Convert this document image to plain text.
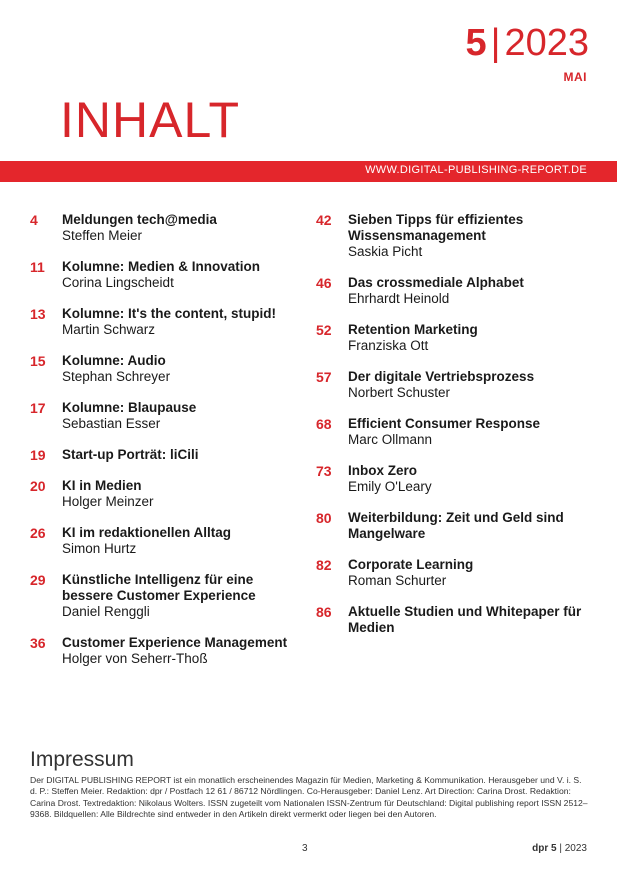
5 | 2023
MAI
INHALT
WWW.DIGITAL-PUBLISHING-REPORT.DE
4	Meldungen tech@media
Steffen Meier
11	Kolumne: Medien & Innovation
Corina Lingscheidt
13	Kolumne: It's the content, stupid!
Martin Schwarz
15	Kolumne: Audio
Stephan Schreyer
17	Kolumne: Blaupause
Sebastian Esser
19	Start-up Porträt: liCili
20	KI in Medien
Holger Meinzer
26	KI im redaktionellen Alltag
Simon Hurtz
29	Künstliche Intelligenz für eine bessere Customer Experience
Daniel Renggli
36	Customer Experience Management
Holger von Seherr-Thoß
42	Sieben Tipps für effizientes Wissensmanagement
Saskia Picht
46	Das crossmediale Alphabet
Ehrhardt Heinold
52	Retention Marketing
Franziska Ott
57	Der digitale Vertriebsprozess
Norbert Schuster
68	Efficient Consumer Response
Marc Ollmann
73	Inbox Zero
Emily O'Leary
80	Weiterbildung: Zeit und Geld sind Mangelware
82	Corporate Learning
Roman Schurter
86	Aktuelle Studien und Whitepaper für Medien
Impressum
Der DIGITAL PUBLISHING REPORT ist ein monatlich erscheinendes Magazin für Medien, Marketing & Kommunikation. Herausgeber und V. i. S. d. P.: Steffen Meier. Redaktion: dpr / Postfach 12 61 / 86712 Nördlingen. Co-Herausgeber: Daniel Lenz. Art Direction: Carina Drost. Redaktion: Carina Drost. Textredaktion: Nikolaus Wolters. ISSN zugeteilt vom Nationalen ISSN-Zentrum für Deutschland: Digital publishing report ISSN 2512–9368. Bildquellen: Alle Bildrechte sind entweder in den Artikeln direkt vermerkt oder liegen bei den Autoren.
3	dpr 5 | 2023
